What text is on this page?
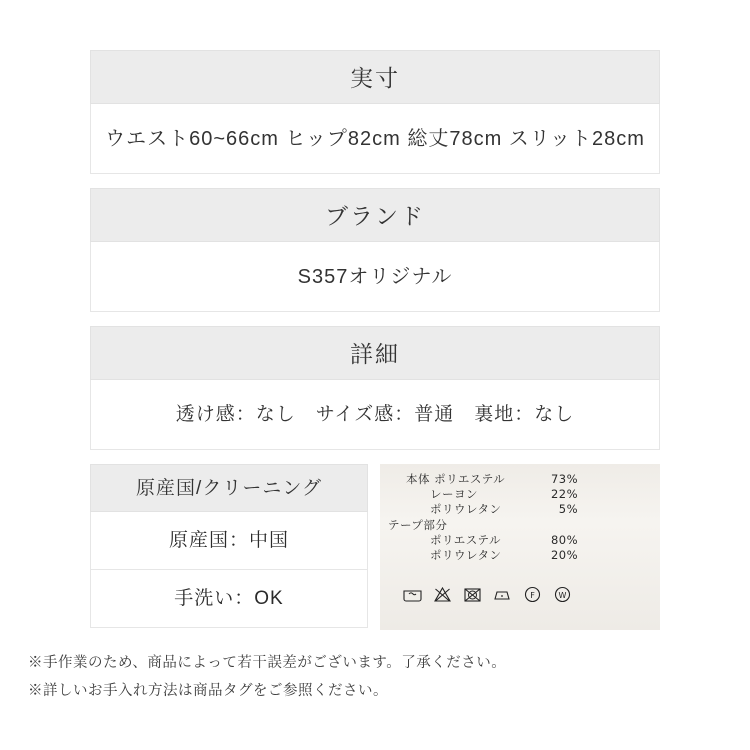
実寸
ウエスト60~66cm ヒップ82cm 総丈78cm スリット28cm
ブランド
S357オリジナル
詳細
透け感：なし　サイズ感：普通　裏地：なし
原産国/クリーニング
原産国：中国
手洗い：OK
本体 ポリエステル	73%
　　レーヨン	22%
　　ポリウレタン	5%
テープ部分
　　ポリエステル	80%
　　ポリウレタン	20%
F	W
※手作業のため、商品によって若干誤差がございます。了承ください。
※詳しいお手入れ方法は商品タグをご参照ください。
